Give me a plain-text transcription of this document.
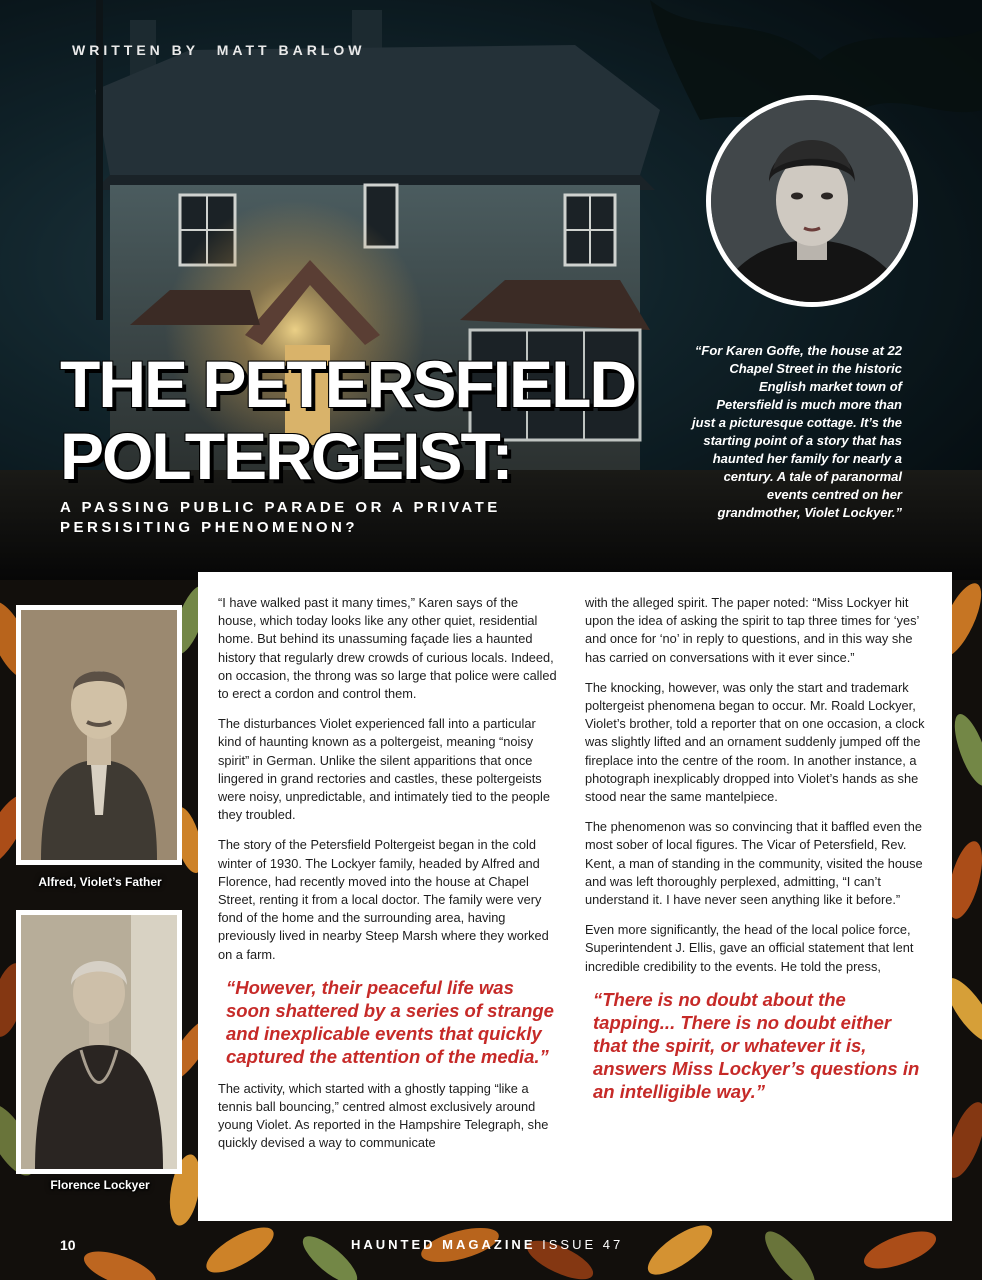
WRITTEN BY MATT BARLOW
THE PETERSFIELD
POLTERGEIST:
A PASSING PUBLIC PARADE OR A PRIVATE
PERSISITING PHENOMENON?
“For Karen Goffe, the house at 22 Chapel Street in the historic English market town of Petersfield is much more than just a picturesque cottage. It’s the starting point of a story that has haunted her family for nearly a century. A tale of paranormal events centred on her grandmother, Violet Lockyer.”
Alfred, Violet’s Father
Florence Lockyer

“I have walked past it many times,” Karen says of the house, which today looks like any other quiet, residential home. But behind its unassuming façade lies a haunted history that regularly drew crowds of curious locals. Indeed, on occasion, the throng was so large that police were called to erect a cordon and control them.

The disturbances Violet experienced fall into a particular kind of haunting known as a poltergeist, meaning “noisy spirit” in German. Unlike the silent apparitions that once lingered in grand rectories and castles, these poltergeists were noisy, unpredictable, and intimately tied to the people they troubled.

The story of the Petersfield Poltergeist began in the cold winter of 1930. The Lockyer family, headed by Alfred and Florence, had recently moved into the house at Chapel Street, renting it from a local doctor. The family were very fond of the home and the surrounding area, having previously lived in nearby Steep Marsh where they worked on a farm.

“However, their peaceful life was soon shattered by a series of strange and inexplicable events that quickly captured the attention of the media.”

The activity, which started with a ghostly tapping “like a tennis ball bouncing,” centred almost exclusively around young Violet. As reported in the Hampshire Telegraph, she quickly devised a way to communicate

with the alleged spirit. The paper noted: “Miss Lockyer hit upon the idea of asking the spirit to tap three times for ‘yes’ and once for ‘no’ in reply to questions, and in this way she has carried on conversations with it ever since.”

The knocking, however, was only the start and trademark poltergeist phenomena began to occur. Mr. Roald Lockyer, Violet’s brother, told a reporter that on one occasion, a clock was slightly lifted and an ornament suddenly jumped off the fireplace into the centre of the room. In another instance, a photograph inexplicably dropped into Violet’s hands as she stood near the same mantelpiece.

The phenomenon was so convincing that it baffled even the most sober of local figures. The Vicar of Petersfield, Rev. Kent, a man of standing in the community, visited the house and was left thoroughly perplexed, admitting, “I can’t understand it. I have never seen anything like it before.”

Even more significantly, the head of the local police force, Superintendent J. Ellis, gave an official statement that lent incredible credibility to the events. He told the press,

“There is no doubt about the tapping... There is no doubt either that the spirit, or whatever it is, answers Miss Lockyer’s questions in an intelligible way.”
10	HAUNTED MAGAZINE ISSUE 47
